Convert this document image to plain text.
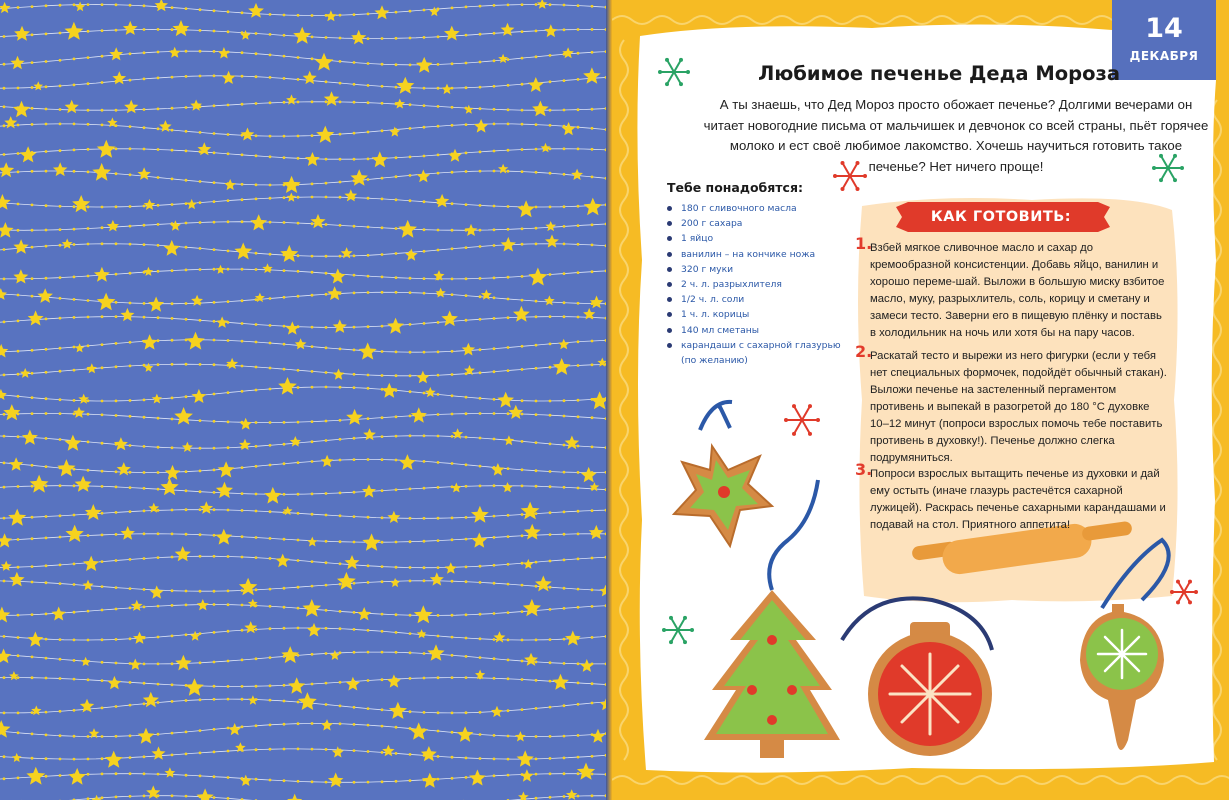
14
ДЕКАБРЯ
Любимое печенье Деда Мороза
А ты знаешь, что Дед Мороз просто обожает печенье? Долгими вечерами он читает новогодние письма от мальчишек и девчонок со всей страны, пьёт горячее молоко и ест своё любимое лакомство. Хочешь научиться готовить такое печенье? Нет ничего проще!
Тебе понадобятся:
180 г сливочного масла
200 г сахара
1 яйцо
ванилин – на кончике ножа
320 г муки
2 ч. л. разрыхлителя
1/2 ч. л. соли
1 ч. л. корицы
140 мл сметаны
карандаши с сахарной глазурью (по желанию)
КАК ГОТОВИТЬ:
1.
Взбей мягкое сливочное масло и сахар до кремообразной консистенции. Добавь яйцо, ванилин и хорошо переме-шай. Выложи в большую миску взбитое масло, муку, разрыхлитель, соль, корицу и сметану и замеси тесто. Заверни его в пищевую плёнку и поставь в холодильник на ночь или хотя бы на пару часов.
2.
Раскатай тесто и вырежи из него фигурки (если у тебя нет специальных формочек, подойдёт обычный стакан). Выложи печенье на застеленный пергаментом противень и выпекай в разогретой до 180 °С духовке 10–12 минут (попроси взрослых помочь тебе поставить противень в духовку!). Печенье должно слегка подрумяниться.
3.
Попроси взрослых вытащить печенье из духовки и дай ему остыть (иначе глазурь растечётся сахарной лужицей). Раскрась печенье сахарными карандашами и подавай на стол. Приятного аппетита!
